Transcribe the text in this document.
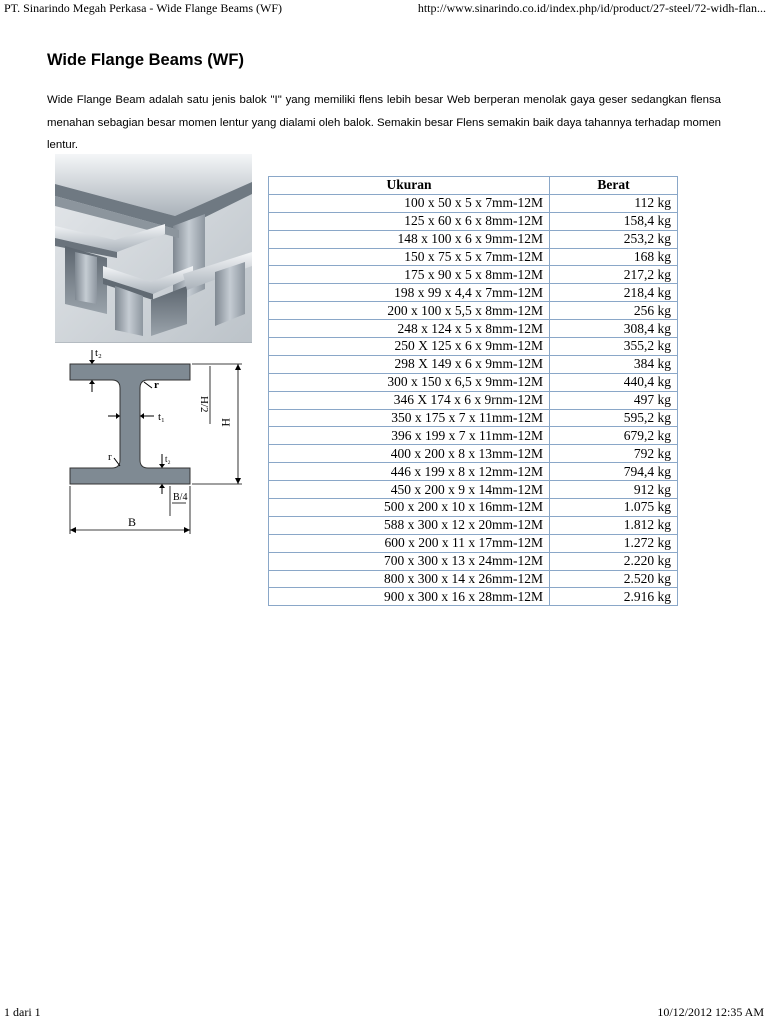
PT. Sinarindo Megah Perkasa - Wide Flange Beams (WF)	http://www.sinarindo.co.id/index.php/id/product/27-steel/72-widh-flan...
Wide Flange Beams (WF)

Wide Flange Beam adalah satu jenis balok "I" yang memiliki flens lebih besar Web berperan menolak gaya geser sedangkan flensa menahan sebagian besar momen lentur yang dialami oleh balok. Semakin besar Flens semakin baik daya tahannya terhadap momen lentur.

t₂
r
t₁
r	t₂
H/2
H
B/4
B
Ukuran	Berat
100 x 50 x 5 x 7mm-12M	112 kg
125 x 60 x 6 x 8mm-12M	158,4 kg
148 x 100 x 6 x 9mm-12M	253,2 kg
150 x 75 x 5 x 7mm-12M	168 kg
175 x 90 x 5 x 8mm-12M	217,2 kg
198 x 99 x 4,4 x 7mm-12M	218,4 kg
200 x 100 x 5,5 x 8mm-12M	256 kg
248 x 124 x 5 x 8mm-12M	308,4 kg
250 X 125 x 6 x 9mm-12M	355,2 kg
298 X 149 x 6 x 9mm-12M	384 kg
300 x 150 x 6,5 x 9mm-12M	440,4 kg
346 X 174 x 6 x 9rnm-12M	497 kg
350 x 175 x 7 x 11mm-12M	595,2 kg
396 x 199 x 7 x 11mm-12M	679,2 kg
400 x 200 x 8 x 13mm-12M	792 kg
446 x 199 x 8 x 12mm-12M	794,4 kg
450 x 200 x 9 x 14mm-12M	912 kg
500 x 200 x 10 x 16mm-12M	1.075 kg
588 x 300 x 12 x 20mm-12M	1.812 kg
600 x 200 x 11 x 17mm-12M	1.272 kg
700 x 300 x 13 x 24mm-12M	2.220 kg
800 x 300 x 14 x 26mm-12M	2.520 kg
900 x 300 x 16 x 28mm-12M	2.916 kg
1 dari 1	10/12/2012 12:35 AM
